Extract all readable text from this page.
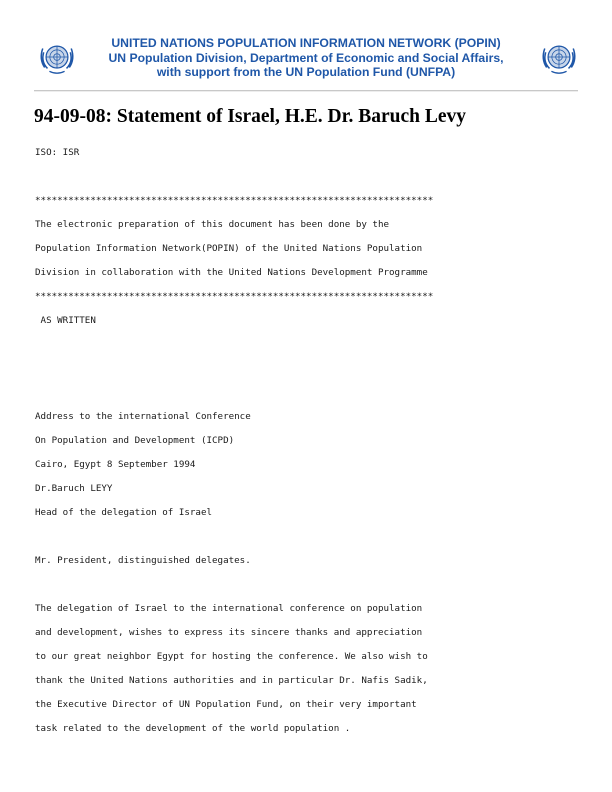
UNITED NATIONS POPULATION INFORMATION NETWORK (POPIN)
UN Population Division, Department of Economic and Social Affairs,
with support from the UN Population Fund (UNFPA)
94-09-08: Statement of Israel, H.E. Dr. Baruch Levy

ISO: ISR

************************************************************************

The electronic preparation of this document has been done by the

Population Information Network(POPIN) of the United Nations Population

Division in collaboration with the United Nations Development Programme

************************************************************************

AS WRITTEN

Address to the international Conference

On Population and Development (ICPD)

Cairo, Egypt 8 September 1994

Dr.Baruch LEYY

Head of the delegation of Israel

Mr. President, distinguished delegates.

The delegation of Israel to the international conference on population

and development, wishes to express its sincere thanks and appreciation

to our great neighbor Egypt for hosting the conference. We also wish to

thank the United Nations authorities and in particular Dr. Nafis Sadik,

the Executive Director of UN Population Fund, on their very important

task related to the development of the world population .
